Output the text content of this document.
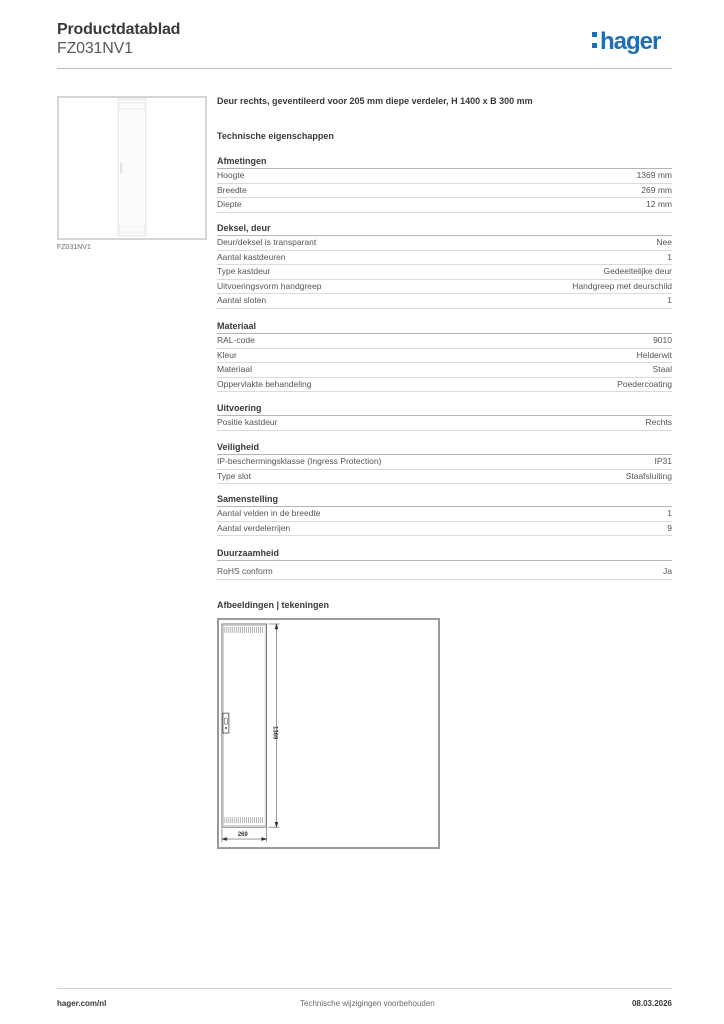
Productdatablad
FZ031NV1	hager
FZ031NV1
Deur rechts, geventileerd voor 205 mm diepe verdeler, H 1400 x B 300 mm
Technische eigenschappen
Afmetingen
Hoogte	1369 mm
Breedte	269 mm
Diepte	12 mm
Deksel, deur
Deur/deksel is transparant	Nee
Aantal kastdeuren	1
Type kastdeur	Gedeeltelijke deur
Uitvoeringsvorm handgreep	Handgreep met deurschild
Aantal sloten	1
Materiaal
RAL-code	9010
Kleur	Helderwit
Materiaal	Staal
Oppervlakte behandeling	Poedercoating
Uitvoering
Positie kastdeur	Rechts
Veiligheid
IP-beschermingsklasse (Ingress Protection)	IP31
Type slot	Staafsluiting
Samenstelling
Aantal velden in de breedte	1
Aantal verdelerrijen	9
Duurzaamheid
RoHS conform	Ja
Afbeeldingen | tekeningen
1369
269
hager.com/nl	Technische wijzigingen voorbehouden	08.03.2026
